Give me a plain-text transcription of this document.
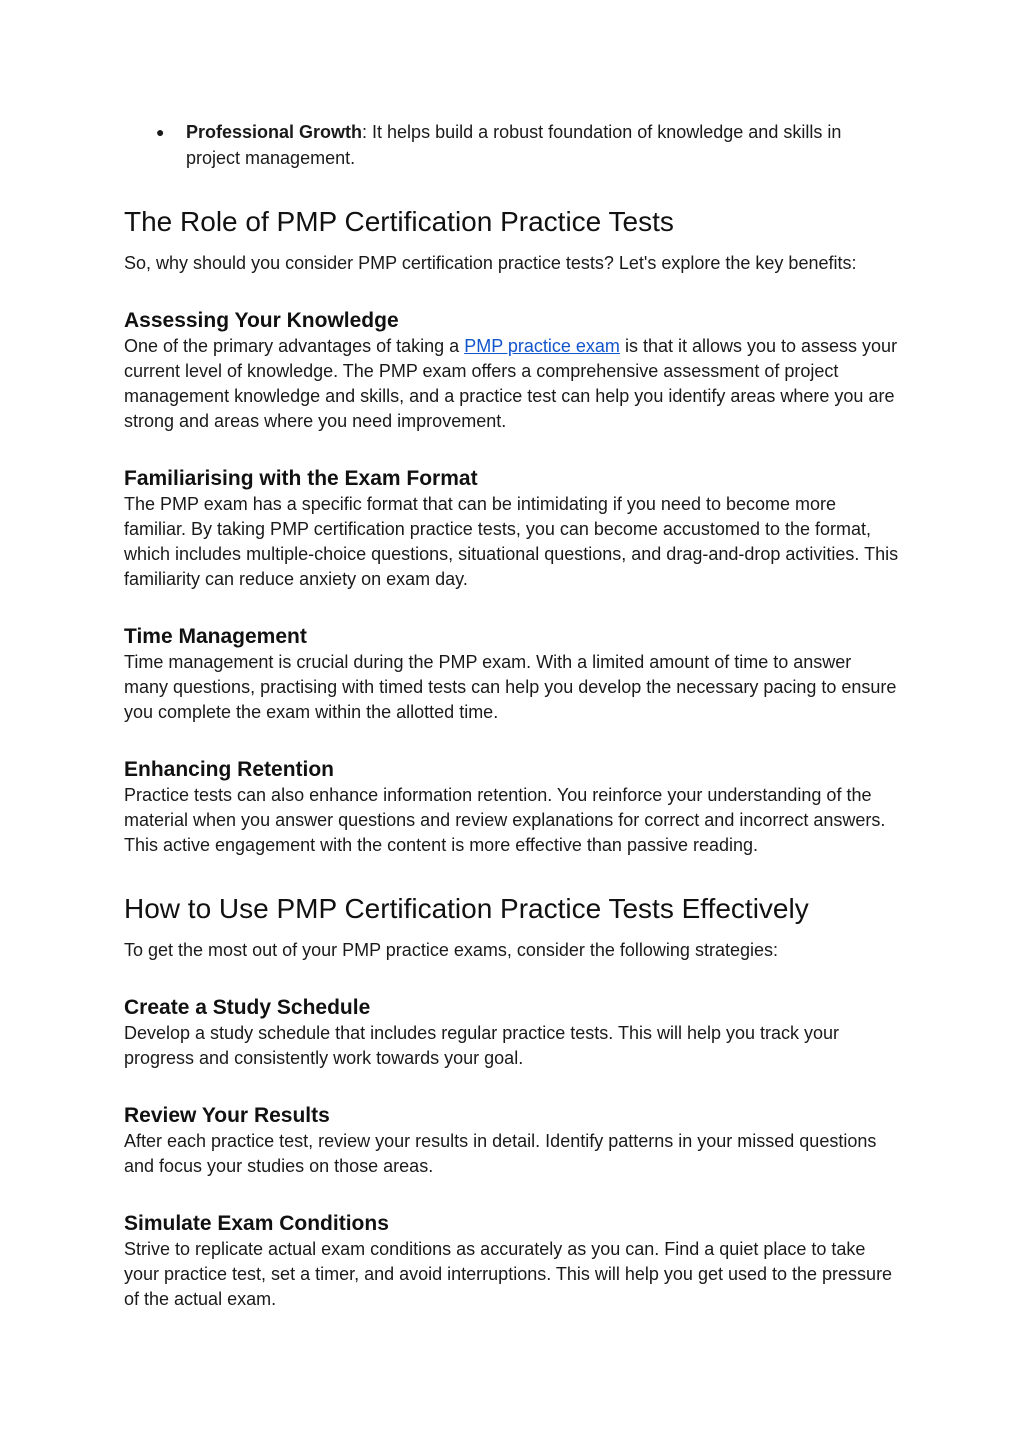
● Professional Growth: It helps build a robust foundation of knowledge and skills in project management.
The Role of PMP Certification Practice Tests

So, why should you consider PMP certification practice tests? Let's explore the key benefits:

Assessing Your Knowledge

One of the primary advantages of taking a PMP practice exam is that it allows you to assess your current level of knowledge. The PMP exam offers a comprehensive assessment of project management knowledge and skills, and a practice test can help you identify areas where you are strong and areas where you need improvement.

Familiarising with the Exam Format

The PMP exam has a specific format that can be intimidating if you need to become more familiar. By taking PMP certification practice tests, you can become accustomed to the format, which includes multiple-choice questions, situational questions, and drag-and-drop activities. This familiarity can reduce anxiety on exam day.

Time Management

Time management is crucial during the PMP exam. With a limited amount of time to answer many questions, practising with timed tests can help you develop the necessary pacing to ensure you complete the exam within the allotted time.

Enhancing Retention

Practice tests can also enhance information retention. You reinforce your understanding of the material when you answer questions and review explanations for correct and incorrect answers. This active engagement with the content is more effective than passive reading.

How to Use PMP Certification Practice Tests Effectively

To get the most out of your PMP practice exams, consider the following strategies:

Create a Study Schedule

Develop a study schedule that includes regular practice tests. This will help you track your progress and consistently work towards your goal.

Review Your Results

After each practice test, review your results in detail. Identify patterns in your missed questions and focus your studies on those areas.

Simulate Exam Conditions

Strive to replicate actual exam conditions as accurately as you can. Find a quiet place to take your practice test, set a timer, and avoid interruptions. This will help you get used to the pressure of the actual exam.
